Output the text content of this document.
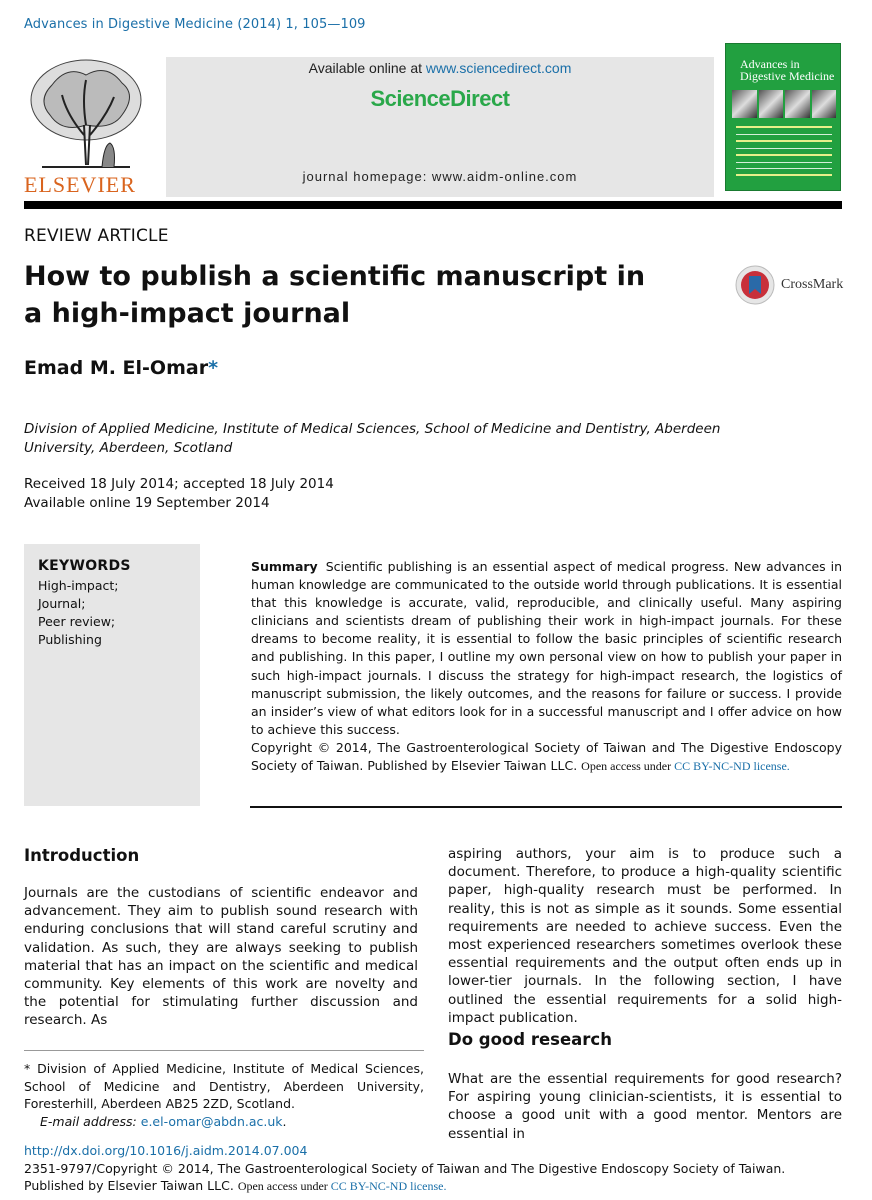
Advances in Digestive Medicine (2014) 1, 105—109
ELSEVIER
Available online at www.sciencedirect.com
ScienceDirect
journal homepage: www.aidm-online.com
Advances in Digestive Medicine
REVIEW ARTICLE
How to publish a scientific manuscript in a high-impact journal
CrossMark
Emad M. El-Omar*
Division of Applied Medicine, Institute of Medical Sciences, School of Medicine and Dentistry, Aberdeen University, Aberdeen, Scotland
Received 18 July 2014; accepted 18 July 2014
Available online 19 September 2014
KEYWORDS
High-impact;
Journal;
Peer review;
Publishing

Summary Scientific publishing is an essential aspect of medical progress. New advances in human knowledge are communicated to the outside world through publications. It is essential that this knowledge is accurate, valid, reproducible, and clinically useful. Many aspiring clinicians and scientists dream of publishing their work in high-impact journals. For these dreams to become reality, it is essential to follow the basic principles of scientific research and publishing. In this paper, I outline my own personal view on how to publish your paper in such high-impact journals. I discuss the strategy for high-impact research, the logistics of manuscript submission, the likely outcomes, and the reasons for failure or success. I provide an insider’s view of what editors look for in a successful manuscript and I offer advice on how to achieve this success.

Copyright © 2014, The Gastroenterological Society of Taiwan and The Digestive Endoscopy Society of Taiwan. Published by Elsevier Taiwan LLC. Open access under CC BY-NC-ND license.

Introduction
Journals are the custodians of scientific endeavor and advancement. They aim to publish sound research with enduring conclusions that will stand careful scrutiny and validation. As such, they are always seeking to publish material that has an impact on the scientific and medical community. Key elements of this work are novelty and the potential for stimulating further discussion and research. As
aspiring authors, your aim is to produce such a document. Therefore, to produce a high-quality scientific paper, high-quality research must be performed. In reality, this is not as simple as it sounds. Some essential requirements are needed to achieve success. Even the most experienced researchers sometimes overlook these essential requirements and the output often ends up in lower-tier journals. In the following section, I have outlined the essential requirements for a solid high-impact publication.
Do good research
What are the essential requirements for good research? For aspiring young clinician-scientists, it is essential to choose a good unit with a good mentor. Mentors are essential in
* Division of Applied Medicine, Institute of Medical Sciences, School of Medicine and Dentistry, Aberdeen University, Foresterhill, Aberdeen AB25 2ZD, Scotland.
E-mail address: e.el-omar@abdn.ac.uk.
http://dx.doi.org/10.1016/j.aidm.2014.07.004
2351-9797/Copyright © 2014, The Gastroenterological Society of Taiwan and The Digestive Endoscopy Society of Taiwan. Published by Elsevier Taiwan LLC. Open access under CC BY-NC-ND license.
